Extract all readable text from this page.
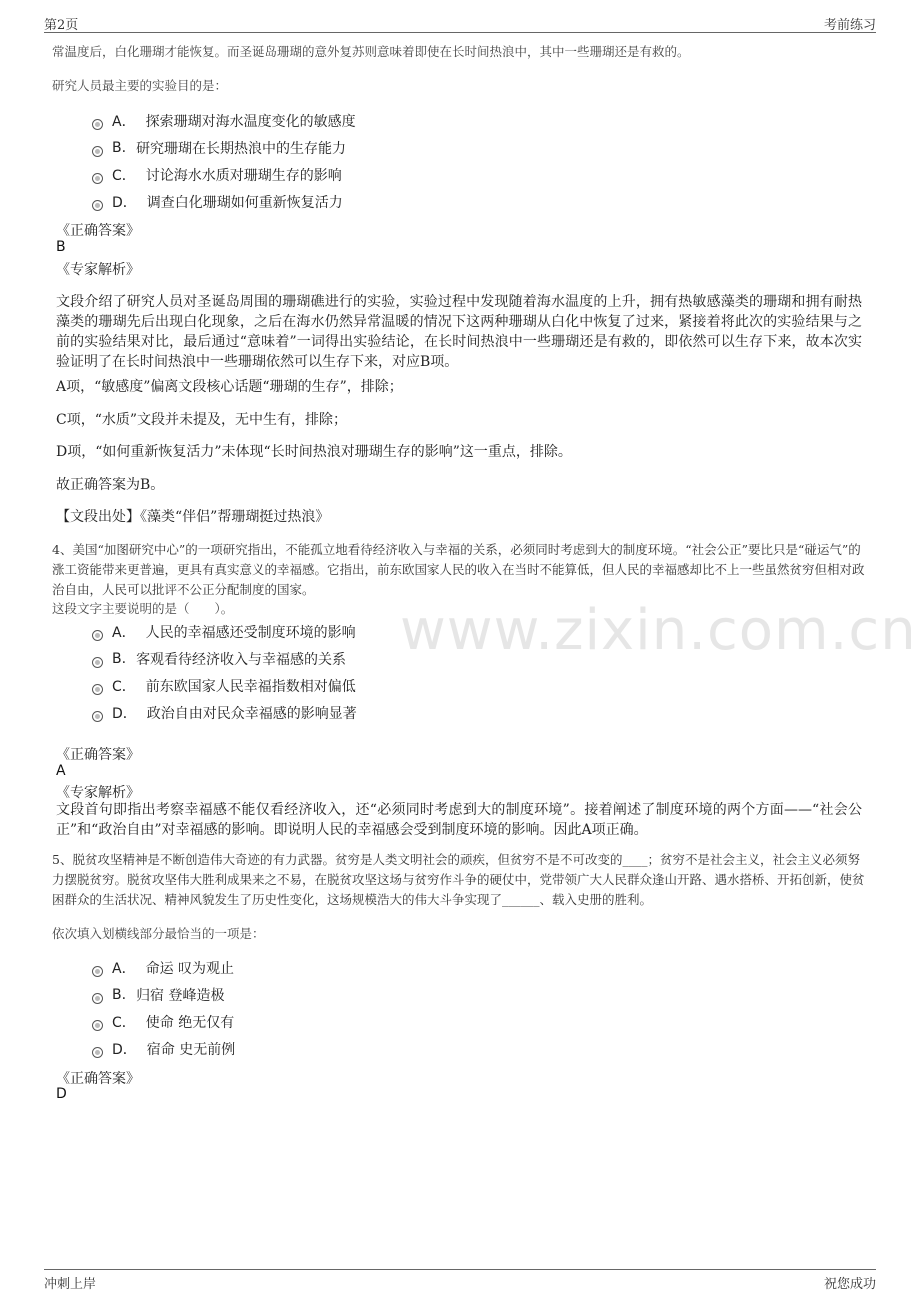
第2页	考前练习
www.zixin.com.cn
常温度后，白化珊瑚才能恢复。而圣诞岛珊瑚的意外复苏则意味着即使在长时间热浪中，其中一些珊瑚还是有救的。
研究人员最主要的实验目的是：
A． 探索珊瑚对海水温度变化的敏感度
B. 研究珊瑚在长期热浪中的生存能力
C． 讨论海水水质对珊瑚生存的影响
D． 调查白化珊瑚如何重新恢复活力
《正确答案》
B
《专家解析》
文段介绍了研究人员对圣诞岛周围的珊瑚礁进行的实验，实验过程中发现随着海水温度的上升，拥有热敏感藻类的珊瑚和拥有耐热藻类的珊瑚先后出现白化现象，之后在海水仍然异常温暖的情况下这两种珊瑚从白化中恢复了过来，紧接着将此次的实验结果与之前的实验结果对比，最后通过“意味着”一词得出实验结论，在长时间热浪中一些珊瑚还是有救的，即依然可以生存下来，故本次实验证明了在长时间热浪中一些珊瑚依然可以生存下来，对应B项。
A项，“敏感度”偏离文段核心话题“珊瑚的生存”，排除；
C项，“水质”文段并未提及，无中生有，排除；
D项，“如何重新恢复活力”未体现“长时间热浪对珊瑚生存的影响”这一重点，排除。
故正确答案为B。
【文段出处】《藻类“伴侣”帮珊瑚挺过热浪》
4、美国“加图研究中心”的一项研究指出，不能孤立地看待经济收入与幸福的关系，必须同时考虑到大的制度环境。“社会公正”要比只是“碰运气”的涨工资能带来更普遍，更具有真实意义的幸福感。它指出，前东欧国家人民的收入在当时不能算低，但人民的幸福感却比不上一些虽然贫穷但相对政治自由，人民可以批评不公正分配制度的国家。
这段文字主要说明的是（　　）。
A． 人民的幸福感还受制度环境的影响
B. 客观看待经济收入与幸福感的关系
C． 前东欧国家人民幸福指数相对偏低
D． 政治自由对民众幸福感的影响显著
《正确答案》
A
《专家解析》
文段首句即指出考察幸福感不能仅看经济收入，还“必须同时考虑到大的制度环境”。接着阐述了制度环境的两个方面——“社会公正”和“政治自由”对幸福感的影响。即说明人民的幸福感会受到制度环境的影响。因此A项正确。
5、脱贫攻坚精神是不断创造伟大奇迹的有力武器。贫穷是人类文明社会的顽疾，但贫穷不是不可改变的____；贫穷不是社会主义，社会主义必须努力摆脱贫穷。脱贫攻坚伟大胜利成果来之不易，在脱贫攻坚这场与贫穷作斗争的硬仗中，党带领广大人民群众逢山开路、遇水搭桥、开拓创新，使贫困群众的生活状况、精神风貌发生了历史性变化，这场规模浩大的伟大斗争实现了______、载入史册的胜利。
依次填入划横线部分最恰当的一项是：
A． 命运 叹为观止
B. 归宿 登峰造极
C． 使命 绝无仅有
D． 宿命 史无前例
《正确答案》
D
冲刺上岸	祝您成功
